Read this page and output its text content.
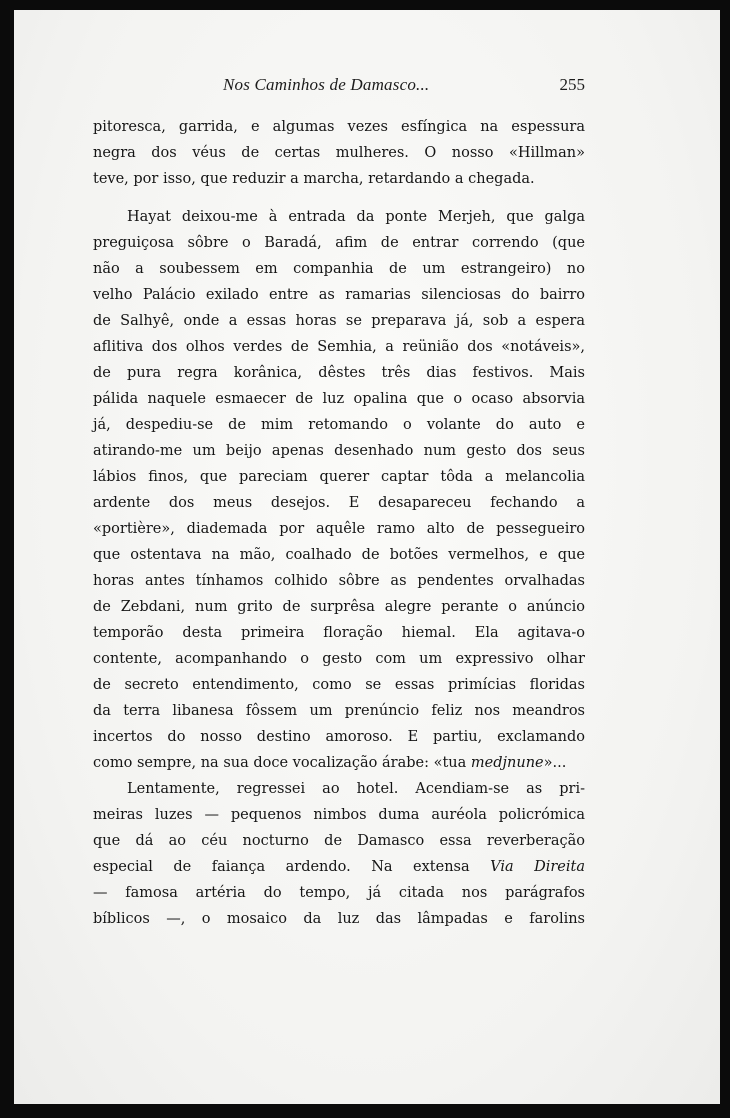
Nos Caminhos de Damasco...	255

pitoresca, garrida, e algumas vezes esfíngica na espessura
negra dos véus de certas mulheres. O nosso «Hillman»
teve, por isso, que reduzir a marcha, retardando a chegada.

Hayat deixou-me à entrada da ponte Merjeh, que galga
preguiçosa sôbre o Baradá, afim de entrar correndo (que
não a soubessem em companhia de um estrangeiro) no
velho Palácio exilado entre as ramarias silenciosas do bairro
de Salhyê, onde a essas horas se preparava já, sob a espera
aflitiva dos olhos verdes de Semhia, a reünião dos «notáveis»,
de pura regra korânica, dêstes três dias festivos. Mais
pálida naquele esmaecer de luz opalina que o ocaso absorvia
já, despediu-se de mim retomando o volante do auto e
atirando-me um beijo apenas desenhado num gesto dos seus
lábios finos, que pareciam querer captar tôda a melancolia
ardente dos meus desejos. E desapareceu fechando a
«portière», diademada por aquêle ramo alto de pessegueiro
que ostentava na mão, coalhado de botões vermelhos, e que
horas antes tínhamos colhido sôbre as pendentes orvalhadas
de Zebdani, num grito de surprêsa alegre perante o anúncio
temporão desta primeira floração hiemal. Ela agitava-o
contente, acompanhando o gesto com um expressivo olhar
de secreto entendimento, como se essas primícias floridas
da terra libanesa fôssem um prenúncio feliz nos meandros
incertos do nosso destino amoroso. E partiu, exclamando
como sempre, na sua doce vocalização árabe: «tua medjnune»...

Lentamente, regressei ao hotel. Acendiam-se as pri-
meiras luzes — pequenos nimbos duma auréola policrómica
que dá ao céu nocturno de Damasco essa reverberação
especial de faiança ardendo. Na extensa Via Direita
— famosa artéria do tempo, já citada nos parágrafos
bíblicos —, o mosaico da luz das lâmpadas e farolins
